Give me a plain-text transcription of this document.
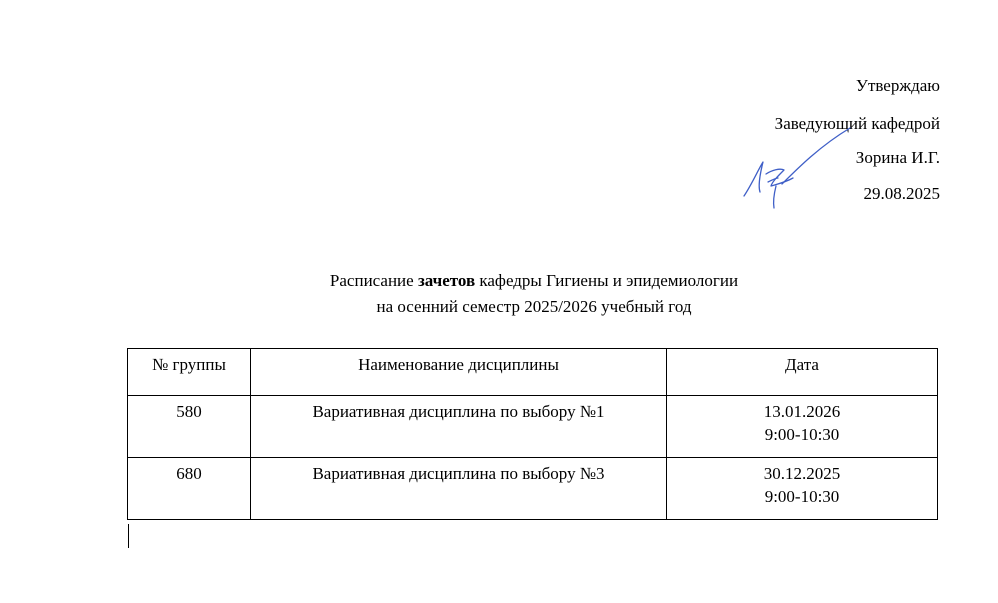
Утверждаю
Заведующий кафедрой
Зорина И.Г.
29.08.2025
Расписание зачетов кафедры Гигиены и эпидемиологии
на осенний семестр 2025/2026 учебный год
№ группы	Наименование дисциплины	Дата
580	Вариативная дисциплина по выбору №1	13.01.2026
9:00-10:30

680	Вариативная дисциплина по выбору №3	30.12.2025
9:00-10:30
